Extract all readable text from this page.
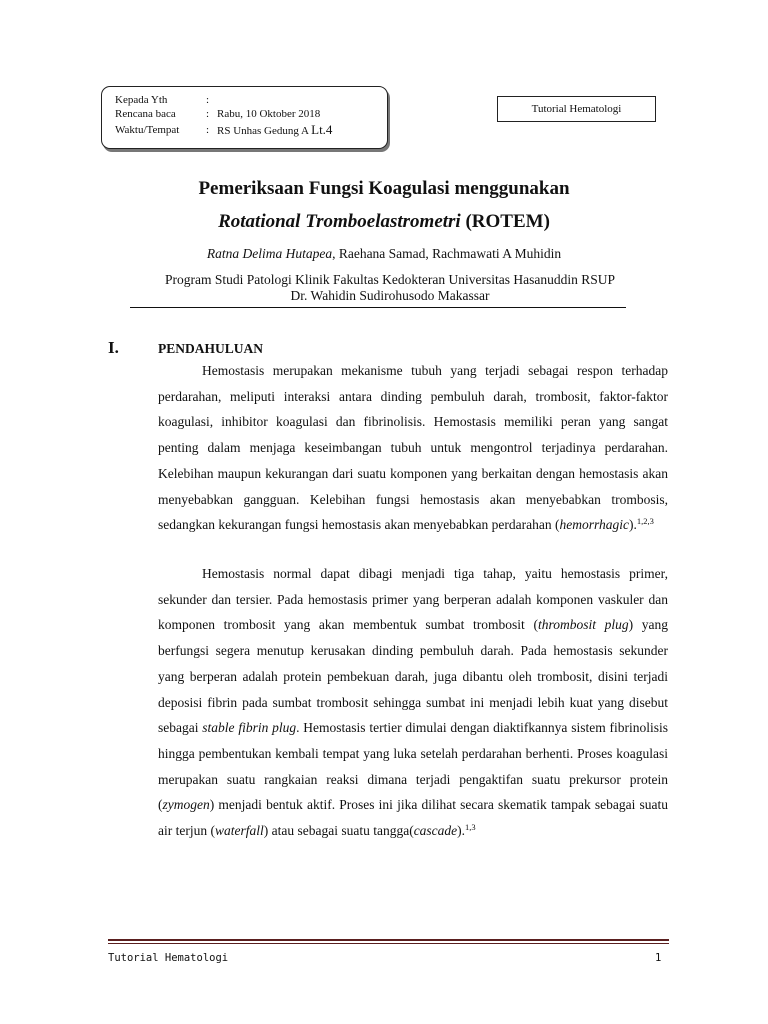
Kepada Yth	:
Rencana baca	: Rabu, 10 Oktober 2018
Waktu/Tempat : RS Unhas Gedung A Lt.4
Tutorial Hematologi
Pemeriksaan Fungsi Koagulasi menggunakan
Rotational Tromboelastrometri (ROTEM)
Ratna Delima Hutapea, Raehana Samad, Rachmawati A Muhidin
Program Studi Patologi Klinik Fakultas Kedokteran Universitas Hasanuddin RSUP
Dr. Wahidin Sudirohusodo Makassar
I.	PENDAHULUAN

Hemostasis merupakan mekanisme tubuh yang terjadi sebagai respon terhadap perdarahan, meliputi interaksi antara dinding pembuluh darah, trombosit, faktor-faktor koagulasi, inhibitor koagulasi dan fibrinolisis. Hemostasis memiliki peran yang sangat penting dalam menjaga keseimbangan tubuh untuk mengontrol terjadinya perdarahan. Kelebihan maupun kekurangan dari suatu komponen yang berkaitan dengan hemostasis akan menyebabkan gangguan. Kelebihan fungsi hemostasis akan menyebabkan trombosis, sedangkan kekurangan fungsi hemostasis akan menyebabkan perdarahan (hemorrhagic).$^{1,2,3}$

Hemostasis normal dapat dibagi menjadi tiga tahap, yaitu hemostasis primer, sekunder dan tersier. Pada hemostasis primer yang berperan adalah komponen vaskuler dan komponen trombosit yang akan membentuk sumbat trombosit (thrombosit plug) yang berfungsi segera menutup kerusakan dinding pembuluh darah. Pada hemostasis sekunder yang berperan adalah protein pembekuan darah, juga dibantu oleh trombosit, disini terjadi deposisi fibrin pada sumbat trombosit sehingga sumbat ini menjadi lebih kuat yang disebut sebagai stable fibrin plug. Hemostasis tertier dimulai dengan diaktifkannya sistem fibrinolisis hingga pembentukan kembali tempat yang luka setelah perdarahan berhenti. Proses koagulasi merupakan suatu rangkaian reaksi dimana terjadi pengaktifan suatu prekursor protein (zymogen) menjadi bentuk aktif. Proses ini jika dilihat secara skematik tampak sebagai suatu air terjun (waterfall) atau sebagai suatu tangga(cascade).$^{1,3}$

Tutorial Hematologi	1
